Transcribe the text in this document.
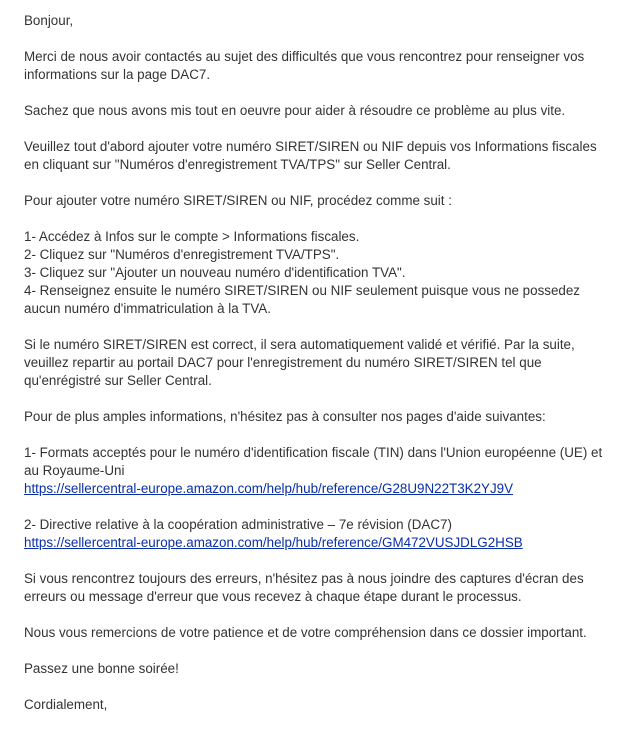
Bonjour,

Merci de nous avoir contactés au sujet des difficultés que vous rencontrez pour renseigner vos informations sur la page DAC7.

Sachez que nous avons mis tout en oeuvre pour aider à résoudre ce problème au plus vite.

Veuillez tout d'abord ajouter votre numéro SIRET/SIREN ou NIF depuis vos Informations fiscales en cliquant sur "Numéros d'enregistrement TVA/TPS" sur Seller Central.

Pour ajouter votre numéro SIRET/SIREN ou NIF, procédez comme suit :

1- Accédez à Infos sur le compte > Informations fiscales.
2- Cliquez sur "Numéros d'enregistrement TVA/TPS".
3- Cliquez sur "Ajouter un nouveau numéro d'identification TVA".
4- Renseignez ensuite le numéro SIRET/SIREN ou NIF seulement puisque vous ne possedez aucun numéro d'immatriculation à la TVA.

Si le numéro SIRET/SIREN est correct, il sera automatiquement validé et vérifié. Par la suite, veuillez repartir au portail DAC7 pour l'enregistrement du numéro SIRET/SIREN tel que qu'enrégistré sur Seller Central.

Pour de plus amples informations, n'hésitez pas à consulter nos pages d'aide suivantes:

1- Formats acceptés pour le numéro d'identification fiscale (TIN) dans l'Union européenne (UE) et au Royaume-Uni
https://sellercentral-europe.amazon.com/help/hub/reference/G28U9N22T3K2YJ9V

2- Directive relative à la coopération administrative – 7e révision (DAC7)
https://sellercentral-europe.amazon.com/help/hub/reference/GM472VUSJDLG2HSB

Si vous rencontrez toujours des erreurs, n'hésitez pas à nous joindre des captures d'écran des erreurs ou message d'erreur que vous recevez à chaque étape durant le processus.

Nous vous remercions de votre patience et de votre compréhension dans ce dossier important.

Passez une bonne soirée!

Cordialement,
